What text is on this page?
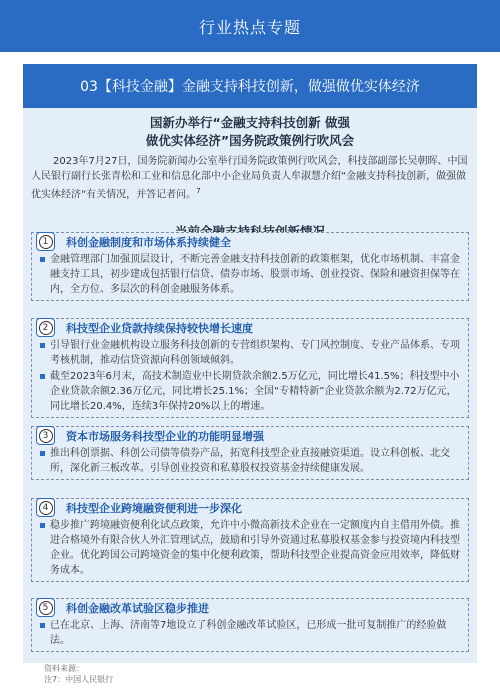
行业热点专题
03【科技金融】金融支持科技创新，做强做优实体经济
国新办举行“金融支持科技创新 做强
做优实体经济”国务院政策例行吹风会
2023年7月27日，国务院新闻办公室举行国务院政策例行吹风会，科技部副部长吴朝晖、中国人民银行副行长张青松和工业和信息化部中小企业局负责人牟淑慧介绍“金融支持科技创新，做强做优实体经济”有关情况，并答记者问。$^7$
1	科创金融制度和市场体系持续健全
金融管理部门加强顶层设计，不断完善金融支持科技创新的政策框架，优化市场机制、丰富金融支持工具，初步建成包括银行信贷、债券市场、股票市场、创业投资、保险和融资担保等在内，全方位、多层次的科创金融服务体系。
2	科技型企业贷款持续保持较快增长速度
引导银行业金融机构设立服务科技创新的专营组织架构、专门风控制度、专业产品体系、专项考核机制，推动信贷资源向科创领域倾斜。
截至2023年6月末，高技术制造业中长期贷款余额2.5万亿元，同比增长41.5%；科技型中小企业贷款余额2.36万亿元，同比增长25.1%；全国“专精特新”企业贷款余额为2.72万亿元，同比增长20.4%，连续3年保持20%以上的增速。
3	资本市场服务科技型企业的功能明显增强
推出科创票据、科创公司债等债券产品，拓宽科技型企业直接融资渠道。设立科创板、北交所，深化新三板改革。引导创业投资和私募股权投资基金持续健康发展。
4	科技型企业跨境融资便利进一步深化
稳步推广跨境融资便利化试点政策，允许中小微高新技术企业在一定额度内自主借用外债。推进合格境外有限合伙人外汇管理试点，鼓励和引导外资通过私募股权基金参与投资境内科技型企业。优化跨国公司跨境资金的集中化便利政策，帮助科技型企业提高资金应用效率，降低财务成本。
5	科创金融改革试验区稳步推进
已在北京、上海、济南等7地设立了科创金融改革试验区，已形成一批可复制推广的经验做法。
资料来源：
注7：中国人民银行
